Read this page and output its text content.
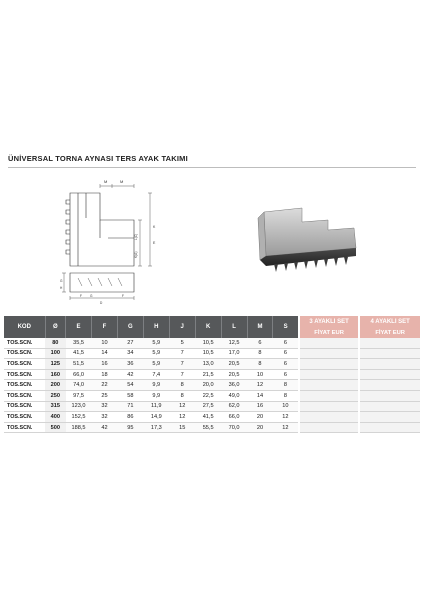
ÜNİVERSAL TORNA AYNASI TERS AYAK TAKIMI
M	M
L(C)
K
K(A)
E
F	G
D
F
G
H
KOD	Ø	E	F	G	H	J	K	L	M	S	3 AYAKLI SET	4 AYAKLI SET
											FİYAT EUR	FİYAT EUR
TOS.SCN.	80	35,5	10	27	5,9	5	10,5	12,5	6	6		
TOS.SCN.	100	41,5	14	34	5,9	7	10,5	17,0	8	6		
TOS.SCN.	125	51,5	16	36	5,9	7	13,0	20,5	8	6		
TOS.SCN.	160	66,0	18	42	7,4	7	21,5	20,5	10	6		
TOS.SCN.	200	74,0	22	54	9,9	8	20,0	36,0	12	8		
TOS.SCN.	250	97,5	25	58	9,9	8	22,5	49,0	14	8		
TOS.SCN.	315	123,0	32	71	11,9	12	27,5	62,0	16	10		
TOS.SCN.	400	152,5	32	86	14,9	12	41,5	66,0	20	12		
TOS.SCN.	500	188,5	42	95	17,3	15	55,5	70,0	20	12		
